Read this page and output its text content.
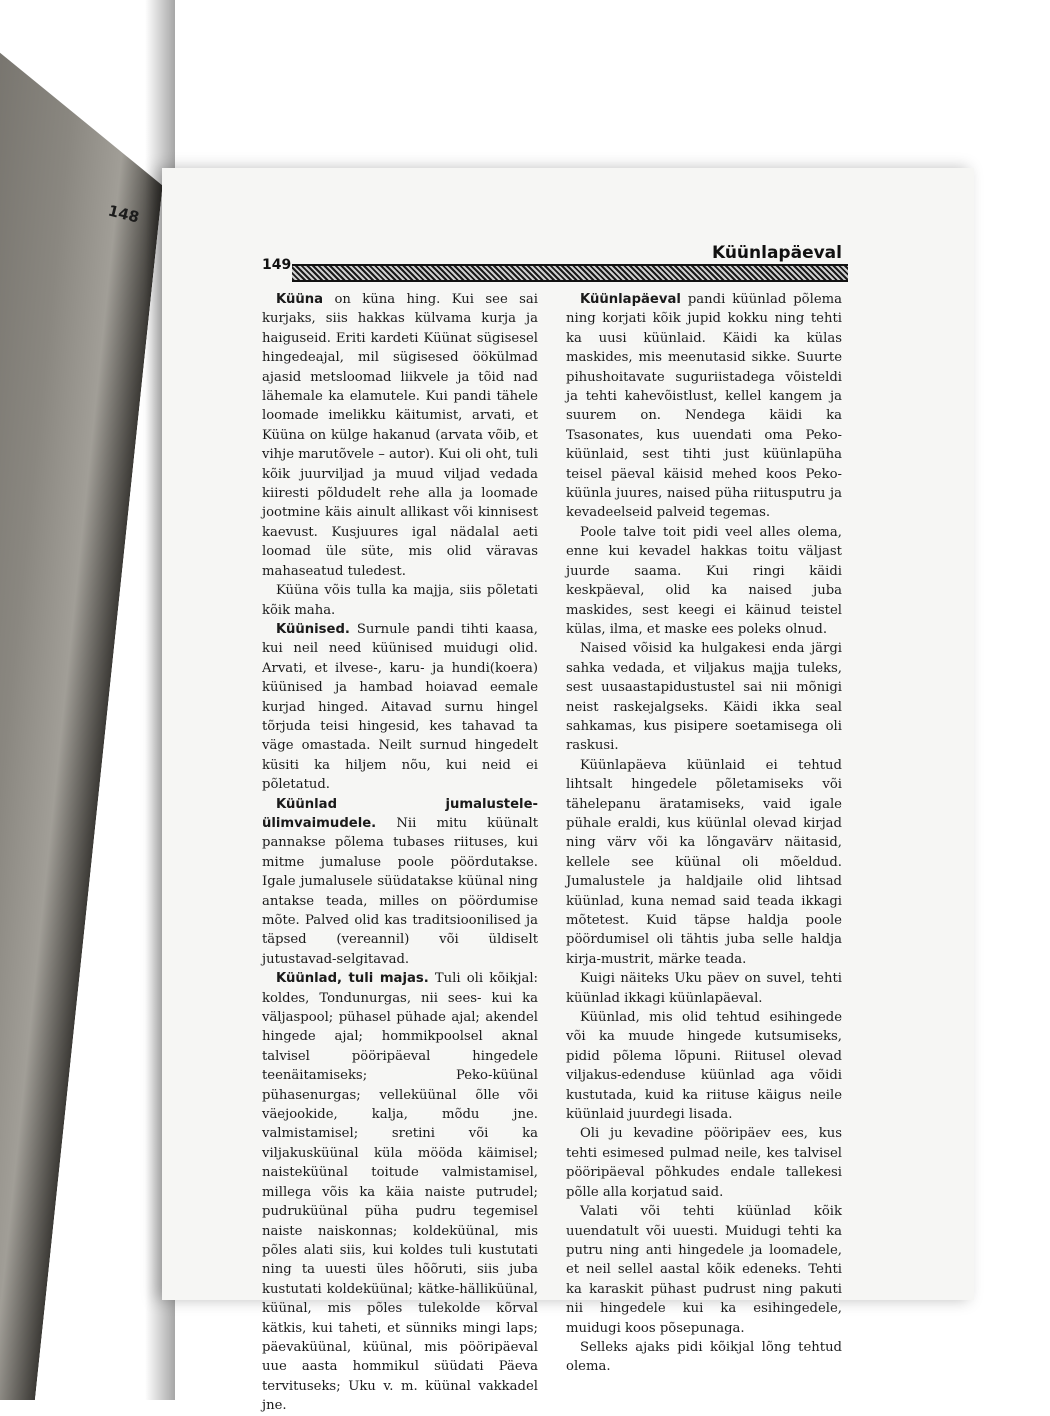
148
149
Küünlapäeval

Küüna on küna hing. Kui see sai kurjaks, siis hakkas külvama kurja ja haiguseid. Eriti kardeti Küünat sügisesel hingedeajal, mil sügisesed öökülmad ajasid metsloomad liikvele ja tõid nad lähemale ka elamutele. Kui pandi tähele loomade imelikku käitumist, arvati, et Küüna on külge hakanud (arvata võib, et vihje marutõvele – autor). Kui oli oht, tuli kõik juurviljad ja muud viljad vedada kiiresti põldudelt rehe alla ja loomade jootmine käis ainult allikast või kinnisest kaevust. Kusjuures igal nädalal aeti loomad üle süte, mis olid väravas mahaseatud tuledest.

Küüna võis tulla ka majja, siis põletati kõik maha.

Küünised. Surnule pandi tihti kaasa, kui neil need küünised muidugi olid. Arvati, et ilvese-, karu- ja hundi(koera) küünised ja hambad hoiavad eemale kurjad hinged. Aitavad surnu hingel tõrjuda teisi hingesid, kes tahavad ta väge omastada. Neilt surnud hingedelt küsiti ka hiljem nõu, kui neid ei põletatud.

Küünlad jumalustele-ülimvaimudele. Nii mitu küünalt pannakse põlema tubases riituses, kui mitme jumaluse poole pöördutakse. Igale jumalusele süüdatakse küünal ning antakse teada, milles on pöördumise mõte. Palved olid kas traditsioonilised ja täpsed (vereannil) või üldiselt jutustavad-selgitavad.

Küünlad, tuli majas. Tuli oli kõikjal: koldes, Tondunurgas, nii sees- kui ka väljaspool; pühasel pühade ajal; akendel hingede ajal; hommikpoolsel aknal talvisel pööripäeval hingedele teenäitamiseks; Peko-küünal pühasenurgas; velleküünal õlle või väejookide, kalja, mõdu jne. valmistamisel; sretini või ka viljakusküünal küla mööda käimisel; naisteküünal toitude valmistamisel, millega võis ka käia naiste putrudel; pudruküünal püha pudru tegemisel naiste naiskonnas; koldeküünal, mis põles alati siis, kui koldes tuli kustutati ning ta uuesti üles hõõruti, siis juba kustutati koldeküünal; kätke-hälliküünal, küünal, mis põles tulekolde kõrval kätkis, kui taheti, et sünniks mingi laps; päevaküünal, küünal, mis pööripäeval uue aasta hommikul süüdati Päeva tervituseks; Uku v. m. küünal vakkadel jne.

Küünlapäeval pandi küünlad põlema ning korjati kõik jupid kokku ning tehti ka uusi küünlaid. Käidi ka külas maskides, mis meenutasid sikke. Suurte pihushoitavate suguriistadega võisteldi ja tehti kahevõistlust, kellel kangem ja suurem on. Nendega käidi ka Tsasonates, kus uuendati oma Peko-küünlaid, sest tihti just küünlapüha teisel päeval käisid mehed koos Peko-küünla juures, naised püha riitusputru ja kevadeelseid palveid tegemas.

Poole talve toit pidi veel alles olema, enne kui kevadel hakkas toitu väljast juurde saama. Kui ringi käidi keskpäeval, olid ka naised juba maskides, sest keegi ei käinud teistel külas, ilma, et maske ees poleks olnud.

Naised võisid ka hulgakesi enda järgi sahka vedada, et viljakus majja tuleks, sest uusaastapidustustel sai nii mõnigi neist raskejalgseks. Käidi ikka seal sahkamas, kus pisipere soetamisega oli raskusi.

Küünlapäeva küünlaid ei tehtud lihtsalt hingedele põletamiseks või tähelepanu äratamiseks, vaid igale pühale eraldi, kus küünlal olevad kirjad ning värv või ka lõngavärv näitasid, kellele see küünal oli mõeldud. Jumalustele ja haldjaile olid lihtsad küünlad, kuna nemad said teada ikkagi mõtetest. Kuid täpse haldja poole pöördumisel oli tähtis juba selle haldja kirja-mustrit, märke teada.

Kuigi näiteks Uku päev on suvel, tehti küünlad ikkagi küünlapäeval.

Küünlad, mis olid tehtud esihingede või ka muude hingede kutsumiseks, pidid põlema lõpuni. Riitusel olevad viljakus-edenduse küünlad aga võidi kustutada, kuid ka riituse käigus neile küünlaid juurdegi lisada.

Oli ju kevadine pööripäev ees, kus tehti esimesed pulmad neile, kes talvisel pööripäeval põhkudes endale tallekesi põlle alla korjatud said.

Valati või tehti küünlad kõik uuendatult või uuesti. Muidugi tehti ka putru ning anti hingedele ja loomadele, et neil sellel aastal kõik edeneks. Tehti ka karaskit pühast pudrust ning pakuti nii hingedele kui ka esihingedele, muidugi koos põsepunaga.

Selleks ajaks pidi kõikjal lõng tehtud olema.
